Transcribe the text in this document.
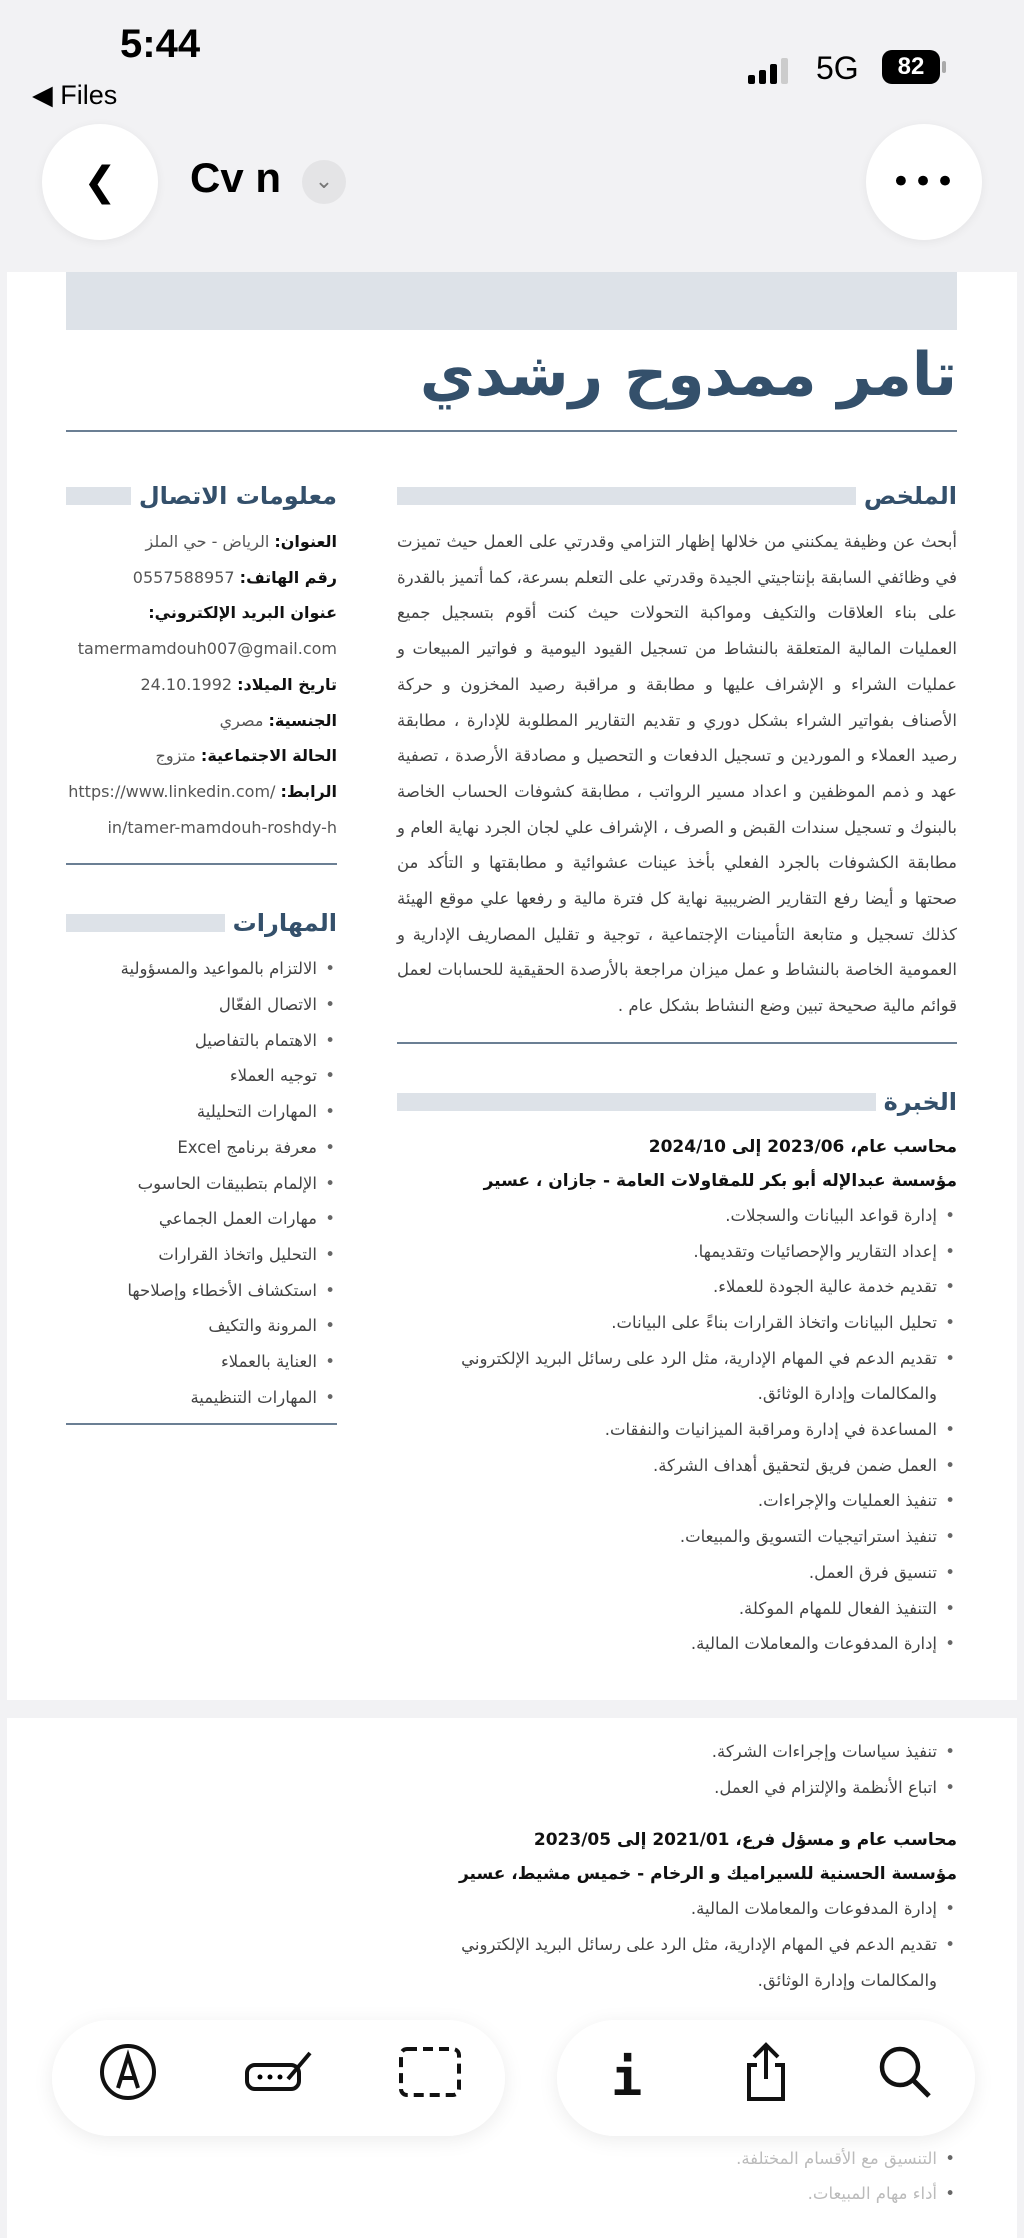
5:44
◀ Files
5G	82
❮ Cv n	⌄	•••
تامر ممدوح رشدي
الملخص

أبحث عن وظيفة يمكنني من خلالها إظهار التزامي وقدرتي على العمل حيث تميزت في وظائفي السابقة بإنتاجيتي الجيدة وقدرتي على التعلم بسرعة، كما أتميز بالقدرة على بناء العلاقات والتكيف ومواكبة التحولات حيث كنت أقوم بتسجيل جميع العمليات المالية المتعلقة بالنشاط من تسجيل القيود اليومية و فواتير المبيعات و عمليات الشراء و الإشراف عليها و مطابقة و مراقبة رصيد المخزون و حركة الأصناف بفواتير الشراء بشكل دوري و تقديم التقارير المطلوبة للإدارة ، مطابقة رصيد العملاء و الموردين و تسجيل الدفعات و التحصيل و مصادقة الأرصدة ، تصفية عهد و ذمم الموظفين و اعداد مسير الرواتب ، مطابقة كشوفات الحساب الخاصة بالبنوك و تسجيل سندات القبض و الصرف ، الإشراف علي لجان الجرد نهاية العام و مطابقة الكشوفات بالجرد الفعلي بأخذ عينات عشوائية و مطابقتها و التأكد من صحتها و أيضا رفع التقارير الضريبية نهاية كل فترة مالية و رفعها علي موقع الهيئة كذلك تسجيل و متابعة التأمينات الإجتماعية ، توجية و تقليل المصاريف الإدارية و العمومية الخاصة بالنشاط و عمل ميزان مراجعة بالأرصدة الحقيقية للحسابات لعمل قوائم مالية صحيحة تبين وضع النشاط بشكل عام .

الخبرة
محاسب عام، 2023/06 إلى 2024/10
مؤسسة عبدالإله أبو بكر للمقاولات العامة - جازان ، عسير
• إدارة قواعد البيانات والسجلات.
• إعداد التقارير والإحصائيات وتقديمها.
• تقديم خدمة عالية الجودة للعملاء.
• تحليل البيانات واتخاذ القرارات بناءً على البيانات.
• تقديم الدعم في المهام الإدارية، مثل الرد على رسائل البريد الإلكتروني والمكالمات وإدارة الوثائق.
• المساعدة في إدارة ومراقبة الميزانيات والنفقات.
• العمل ضمن فريق لتحقيق أهداف الشركة.
• تنفيذ العمليات والإجراءات.
• تنفيذ استراتيجيات التسويق والمبيعات.
• تنسيق فرق العمل.
• التنفيذ الفعال للمهام الموكلة.
• إدارة المدفوعات والمعاملات المالية.
معلومات الاتصال
العنوان: الرياض - حي الملز
رقم الهاتف: 0557588957
عنوان البريد الإلكتروني:
tamermamdouh007@gmail.com
تاريخ الميلاد: 24.10.1992
الجنسية: مصري
الحالة الاجتماعية: متزوج
الرابط: https://www.linkedin.com/in/tamer-mamdouh-roshdy-h
المهارات
• الالتزام بالمواعيد والمسؤولية
• الاتصال الفعّال
• الاهتمام بالتفاصيل
• توجيه العملاء
• المهارات التحليلية
• معرفة برنامج Excel
• الإلمام بتطبيقات الحاسوب
• مهارات العمل الجماعي
• التحليل واتخاذ القرارات
• استكشاف الأخطاء وإصلاحها
• المرونة والتكيف
• العناية بالعملاء
• المهارات التنظيمية
• تنفيذ سياسات وإجراءات الشركة.
• اتباع الأنظمة والإلتزام في العمل.
محاسب عام و مسؤل فرع، 2021/01 إلى 2023/05
مؤسسة الحسنية للسيراميك و الرخام - خميس مشيط، عسير
• إدارة المدفوعات والمعاملات المالية.
• تقديم الدعم في المهام الإدارية، مثل الرد على رسائل البريد الإلكتروني والمكالمات وإدارة الوثائق.
• التنسيق مع الأقسام المختلفة.
• أداء مهام المبيعات.
i
